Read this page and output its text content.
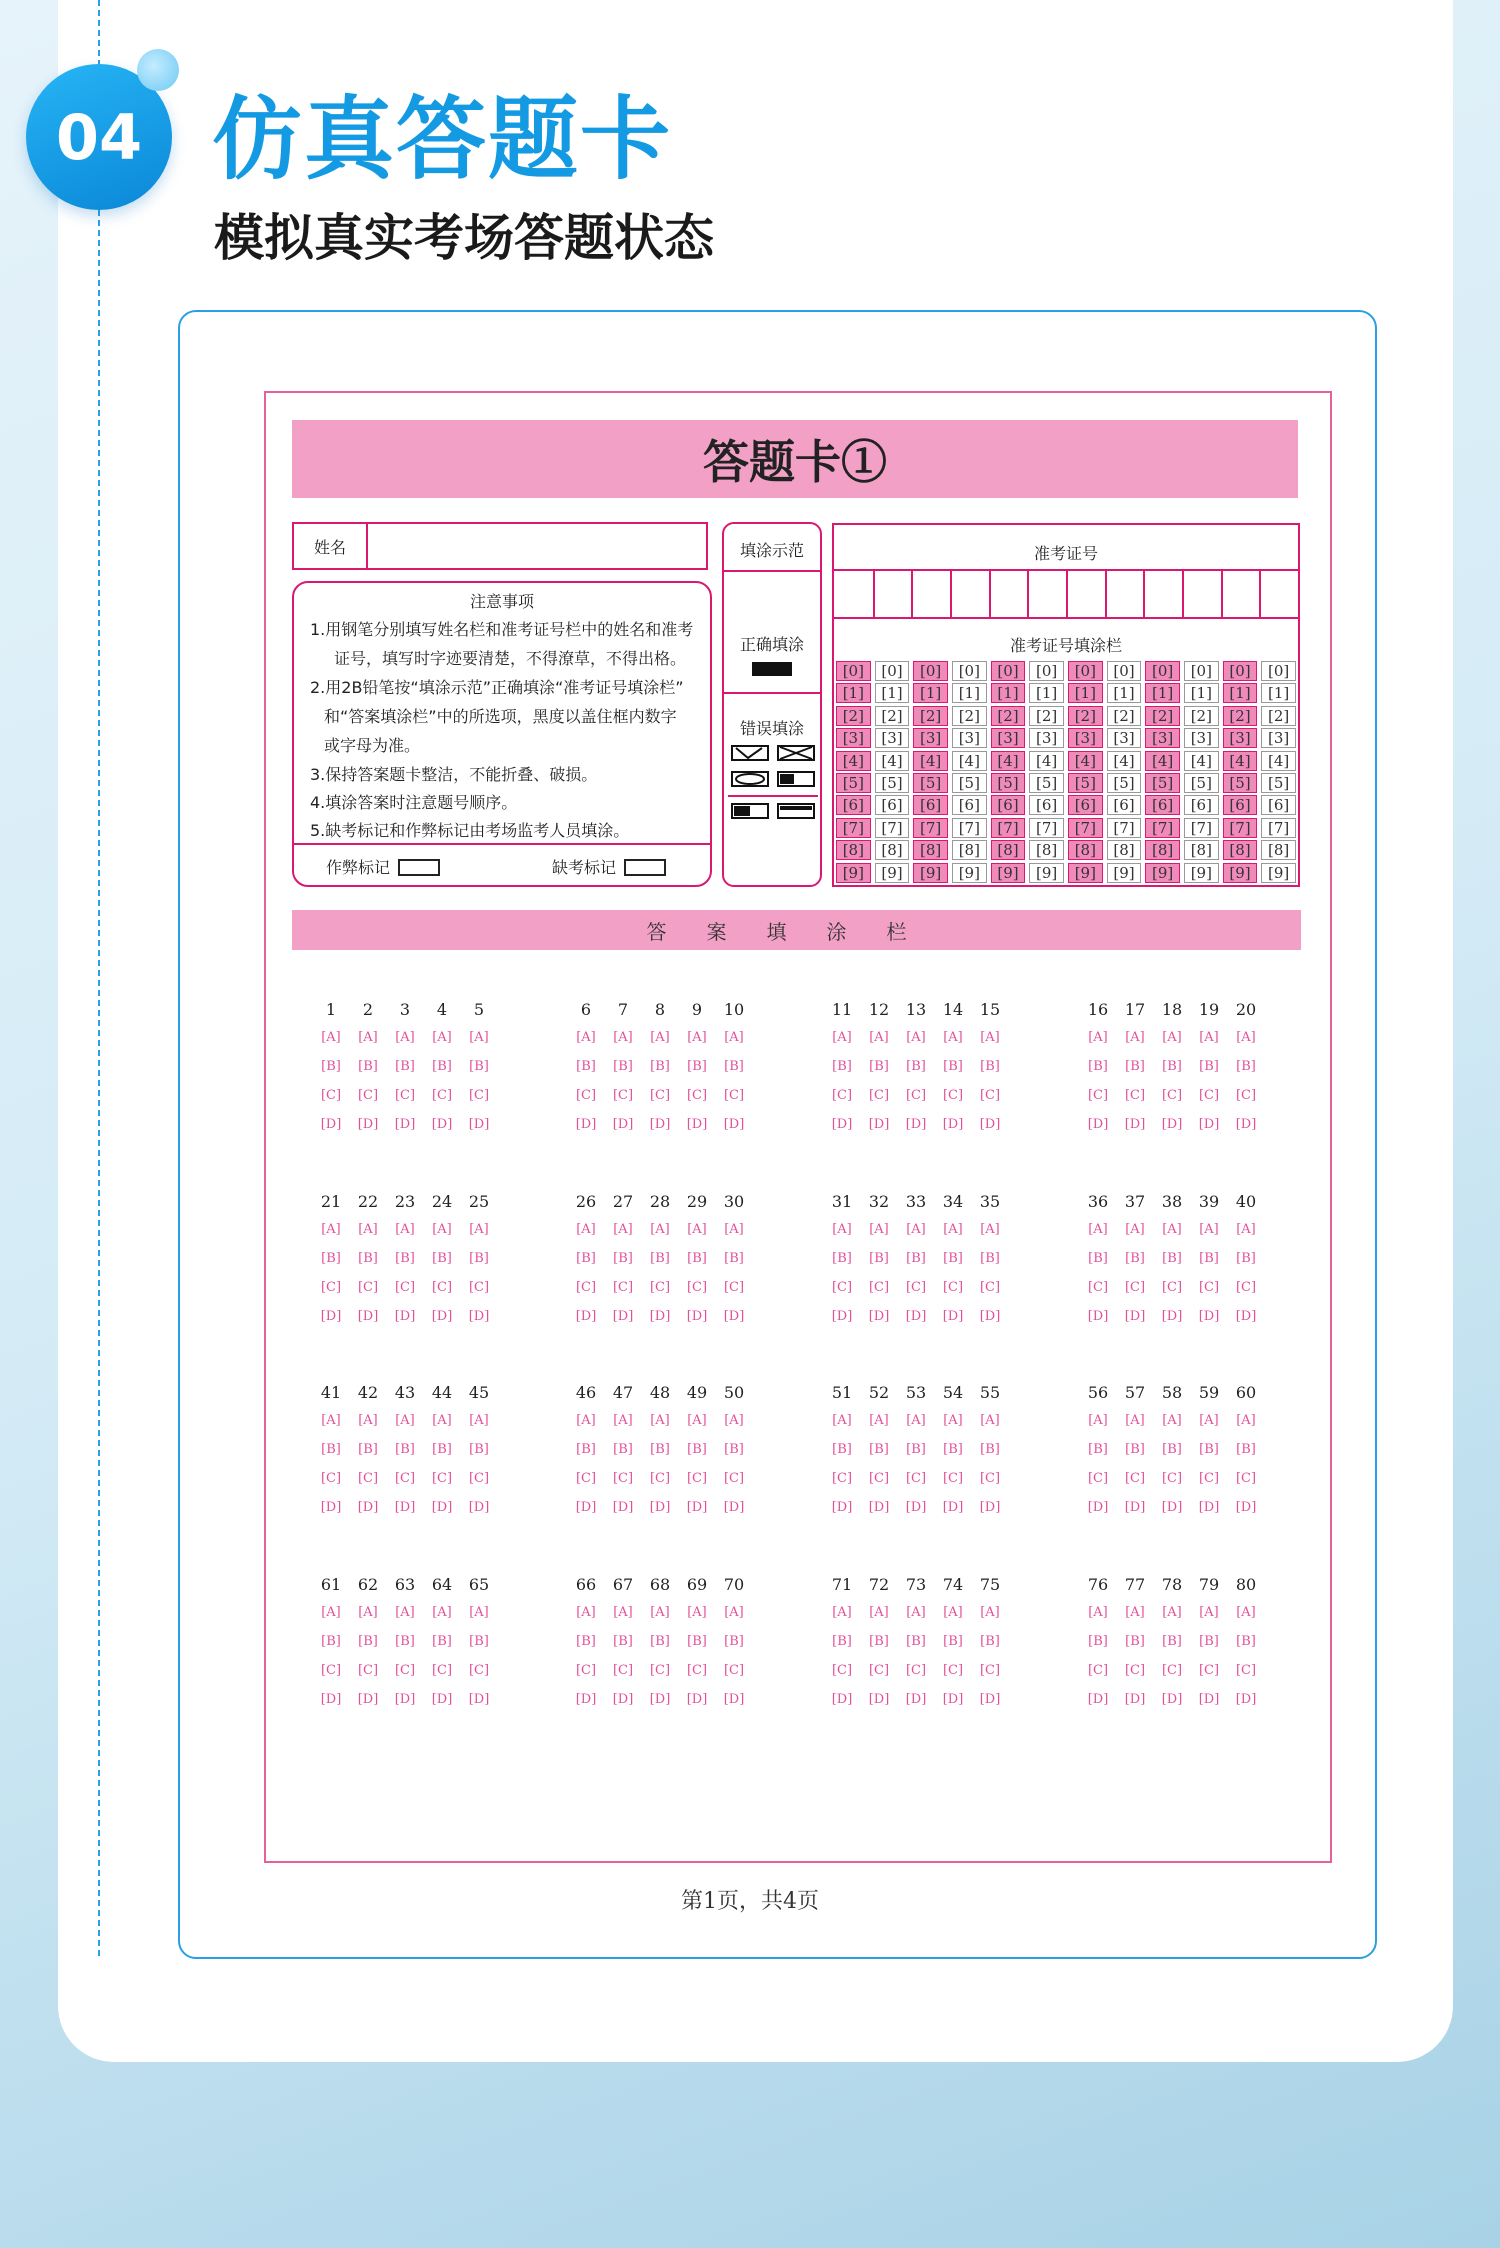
04 仿真答题卡
模拟真实考场答题状态
答题卡①
姓名
注意事项
1.用钢笔分别填写姓名栏和准考证号栏中的姓名和准考
证号，填写时字迹要清楚，不得潦草，不得出格。
2.用2B铅笔按“填涂示范”正确填涂“准考证号填涂栏”
和“答案填涂栏”中的所选项，黑度以盖住框内数字
或字母为准。
3.保持答案题卡整洁，不能折叠、破损。
4.填涂答案时注意题号顺序。
5.缺考标记和作弊标记由考场监考人员填涂。
作弊标记	缺考标记
填涂示范
正确填涂
错误填涂
准考证号
准考证号填涂栏
[0]
[1]
[2]
[3]
[4]
[5]
[6]
[7]
[8]
[9]
[0]
[1]
[2]
[3]
[4]
[5]
[6]
[7]
[8]
[9]
[0]
[1]
[2]
[3]
[4]
[5]
[6]
[7]
[8]
[9]
[0]
[1]
[2]
[3]
[4]
[5]
[6]
[7]
[8]
[9]
[0]
[1]
[2]
[3]
[4]
[5]
[6]
[7]
[8]
[9]
[0]
[1]
[2]
[3]
[4]
[5]
[6]
[7]
[8]
[9]
[0]
[1]
[2]
[3]
[4]
[5]
[6]
[7]
[8]
[9]
[0]
[1]
[2]
[3]
[4]
[5]
[6]
[7]
[8]
[9]
[0]
[1]
[2]
[3]
[4]
[5]
[6]
[7]
[8]
[9]
[0]
[1]
[2]
[3]
[4]
[5]
[6]
[7]
[8]
[9]
[0]
[1]
[2]
[3]
[4]
[5]
[6]
[7]
[8]
[9]
[0]
[1]
[2]
[3]
[4]
[5]
[6]
[7]
[8]
[9]
答案填涂栏
1
[A]
[B]
[C]
[D]
2
[A]
[B]
[C]
[D]
3
[A]
[B]
[C]
[D]
4
[A]
[B]
[C]
[D]
5
[A]
[B]
[C]
[D]
6
[A]
[B]
[C]
[D]
7
[A]
[B]
[C]
[D]
8
[A]
[B]
[C]
[D]
9
[A]
[B]
[C]
[D]
10
[A]
[B]
[C]
[D]
11
[A]
[B]
[C]
[D]
12
[A]
[B]
[C]
[D]
13
[A]
[B]
[C]
[D]
14
[A]
[B]
[C]
[D]
15
[A]
[B]
[C]
[D]
16
[A]
[B]
[C]
[D]
17
[A]
[B]
[C]
[D]
18
[A]
[B]
[C]
[D]
19
[A]
[B]
[C]
[D]
20
[A]
[B]
[C]
[D]
21
[A]
[B]
[C]
[D]
22
[A]
[B]
[C]
[D]
23
[A]
[B]
[C]
[D]
24
[A]
[B]
[C]
[D]
25
[A]
[B]
[C]
[D]
26
[A]
[B]
[C]
[D]
27
[A]
[B]
[C]
[D]
28
[A]
[B]
[C]
[D]
29
[A]
[B]
[C]
[D]
30
[A]
[B]
[C]
[D]
31
[A]
[B]
[C]
[D]
32
[A]
[B]
[C]
[D]
33
[A]
[B]
[C]
[D]
34
[A]
[B]
[C]
[D]
35
[A]
[B]
[C]
[D]
36
[A]
[B]
[C]
[D]
37
[A]
[B]
[C]
[D]
38
[A]
[B]
[C]
[D]
39
[A]
[B]
[C]
[D]
40
[A]
[B]
[C]
[D]
41
[A]
[B]
[C]
[D]
42
[A]
[B]
[C]
[D]
43
[A]
[B]
[C]
[D]
44
[A]
[B]
[C]
[D]
45
[A]
[B]
[C]
[D]
46
[A]
[B]
[C]
[D]
47
[A]
[B]
[C]
[D]
48
[A]
[B]
[C]
[D]
49
[A]
[B]
[C]
[D]
50
[A]
[B]
[C]
[D]
51
[A]
[B]
[C]
[D]
52
[A]
[B]
[C]
[D]
53
[A]
[B]
[C]
[D]
54
[A]
[B]
[C]
[D]
55
[A]
[B]
[C]
[D]
56
[A]
[B]
[C]
[D]
57
[A]
[B]
[C]
[D]
58
[A]
[B]
[C]
[D]
59
[A]
[B]
[C]
[D]
60
[A]
[B]
[C]
[D]
61
[A]
[B]
[C]
[D]
62
[A]
[B]
[C]
[D]
63
[A]
[B]
[C]
[D]
64
[A]
[B]
[C]
[D]
65
[A]
[B]
[C]
[D]
66
[A]
[B]
[C]
[D]
67
[A]
[B]
[C]
[D]
68
[A]
[B]
[C]
[D]
69
[A]
[B]
[C]
[D]
70
[A]
[B]
[C]
[D]
71
[A]
[B]
[C]
[D]
72
[A]
[B]
[C]
[D]
73
[A]
[B]
[C]
[D]
74
[A]
[B]
[C]
[D]
75
[A]
[B]
[C]
[D]
76
[A]
[B]
[C]
[D]
77
[A]
[B]
[C]
[D]
78
[A]
[B]
[C]
[D]
79
[A]
[B]
[C]
[D]
80
[A]
[B]
[C]
[D]
第1页，共4页
